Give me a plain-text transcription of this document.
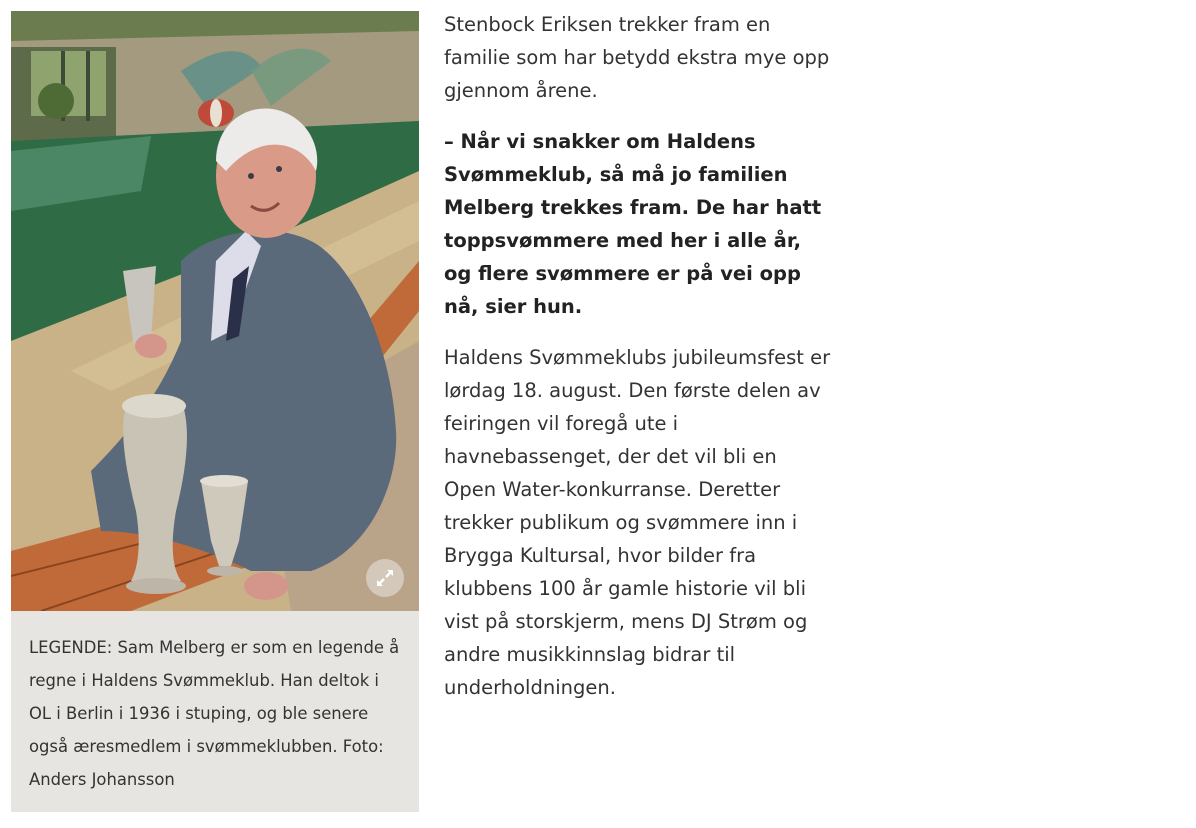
LEGENDE: Sam Melberg er som en legende å regne i Haldens Svømmeklub. Han deltok i OL i Berlin i 1936 i stuping, og ble senere også æresmedlem i svømmeklubben. Foto: Anders Johansson

Stenbock Eriksen trekker fram en familie som har betydd ekstra mye opp gjennom årene.

– Når vi snakker om Haldens Svømmeklub, så må jo familien Melberg trekkes fram. De har hatt toppsvømmere med her i alle år, og flere svømmere er på vei opp nå, sier hun.

Haldens Svømmeklubs jubileumsfest er lørdag 18. august. Den første delen av feiringen vil foregå ute i havnebassenget, der det vil bli en Open Water-konkurranse. Deretter trekker publikum og svømmere inn i Brygga Kultursal, hvor bilder fra klubbens 100 år gamle historie vil bli vist på storskjerm, mens DJ Strøm og andre musikkinnslag bidrar til underholdningen.
